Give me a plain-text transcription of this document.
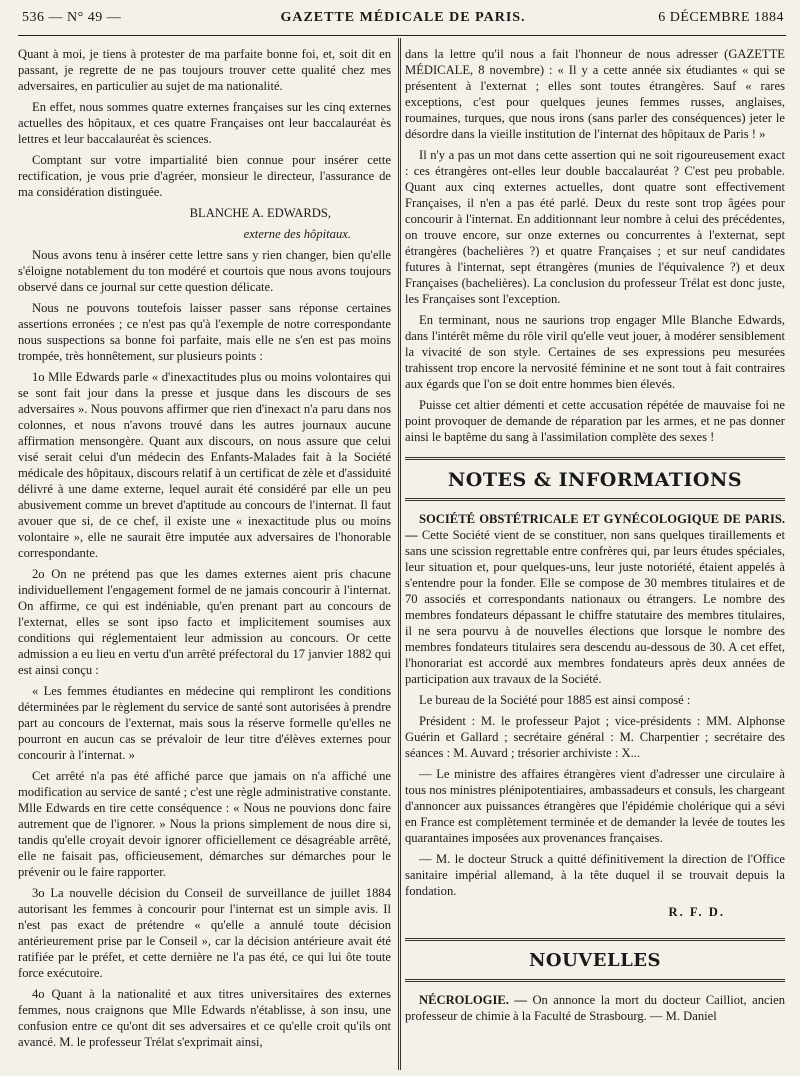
536 — N° 49 —	GAZETTE MÉDICALE DE PARIS.	6 DÉCEMBRE 1884

Quant à moi, je tiens à protester de ma parfaite bonne foi, et, soit dit en passant, je regrette de ne pas toujours trouver cette qualité chez mes adversaires, en particulier au sujet de ma nationalité.

En effet, nous sommes quatre externes françaises sur les cinq externes actuelles des hôpitaux, et ces quatre Françaises ont leur baccalauréat ès lettres et leur baccalauréat ès sciences.

Comptant sur votre impartialité bien connue pour insérer cette rectification, je vous prie d'agréer, monsieur le directeur, l'assurance de ma considération distinguée.

BLANCHE A. EDWARDS,

externe des hôpitaux.

Nous avons tenu à insérer cette lettre sans y rien changer, bien qu'elle s'éloigne notablement du ton modéré et courtois que nous avons toujours observé dans ce journal sur cette question délicate.

Nous ne pouvons toutefois laisser passer sans réponse certaines assertions erronées ; ce n'est pas qu'à l'exemple de notre correspondante nous suspections sa bonne foi parfaite, mais elle ne s'en est pas moins trompée, très honnêtement, sur plusieurs points :

1o Mlle Edwards parle « d'inexactitudes plus ou moins volontaires qui se sont fait jour dans la presse et jusque dans les discours de ses adversaires ». Nous pouvons affirmer que rien d'inexact n'a paru dans nos colonnes, et nous n'avons trouvé dans les autres journaux aucune affirmation mensongère. Quant aux discours, on nous assure que celui visé serait celui d'un médecin des Enfants-Malades fait à la Société médicale des hôpitaux, discours relatif à un certificat de zèle et d'assiduité délivré à une dame externe, lequel aurait été considéré par elle un peu abusivement comme un brevet d'aptitude au concours de l'internat. Il faut avouer que si, de ce chef, il existe une « inexactitude plus ou moins volontaire », elle ne saurait être imputée aux adversaires de l'honorable correspondante.

2o On ne prétend pas que les dames externes aient pris chacune individuellement l'engagement formel de ne jamais concourir à l'internat. On affirme, ce qui est indéniable, qu'en prenant part au concours de l'externat, elles se sont ipso facto et implicitement soumises aux conditions qui réglementaient leur admission au concours. Or cette admission a eu lieu en vertu d'un arrêté préfectoral du 17 janvier 1882 qui est ainsi conçu :

« Les femmes étudiantes en médecine qui rempliront les conditions déterminées par le règlement du service de santé sont autorisées à prendre part au concours de l'externat, mais sous la réserve formelle qu'elles ne pourront en aucun cas se prévaloir de leur titre d'élèves externes pour concourir à l'internat. »

Cet arrêté n'a pas été affiché parce que jamais on n'a affiché une modification au service de santé ; c'est une règle administrative constante. Mlle Edwards en tire cette conséquence : « Nous ne pouvions donc faire autrement que de l'ignorer. » Nous la prions simplement de nous dire si, tandis qu'elle croyait devoir ignorer officiellement ce désagréable arrêté, elle ne faisait pas, officieusement, démarches sur démarches pour le prévenir ou le faire rapporter.

3o La nouvelle décision du Conseil de surveillance de juillet 1884 autorisant les femmes à concourir pour l'internat est un simple avis. Il n'est pas exact de prétendre « qu'elle a annulé toute décision antérieurement prise par le Conseil », car la décision antérieure avait été ratifiée par le préfet, et cette dernière ne l'a pas été, ce qui lui ôte toute force exécutoire.

4o Quant à la nationalité et aux titres universitaires des externes femmes, nous craignons que Mlle Edwards n'établisse, à son insu, une confusion entre ce qu'ont dit ses adversaires et ce qu'elle croit qu'ils ont avancé. M. le professeur Trélat s'exprimait ainsi,

dans la lettre qu'il nous a fait l'honneur de nous adresser (GAZETTE MÉDICALE, 8 novembre) : « Il y a cette année six étudiantes « qui se présentent à l'externat ; elles sont toutes étrangères. Sauf « rares exceptions, c'est pour quelques jeunes femmes russes, anglaises, roumaines, turques, que nous irons (sans parler des conséquences) jeter le désordre dans la vieille institution de l'internat des hôpitaux de Paris ! »

Il n'y a pas un mot dans cette assertion qui ne soit rigoureusement exact : ces étrangères ont-elles leur double baccalauréat ? C'est peu probable. Quant aux cinq externes actuelles, dont quatre sont effectivement Françaises, il n'en a pas été parlé. Deux du reste sont trop âgées pour concourir à l'internat. En additionnant leur nombre à celui des précédentes, on trouve encore, sur onze externes ou concurrentes à l'externat, sept étrangères (bachelières ?) et quatre Françaises ; et sur neuf candidates futures à l'internat, sept étrangères (munies de l'équivalence ?) et deux Françaises (bachelières). La conclusion du professeur Trélat est donc juste, les Françaises sont l'exception.

En terminant, nous ne saurions trop engager Mlle Blanche Edwards, dans l'intérêt même du rôle viril qu'elle veut jouer, à modérer sensiblement la vivacité de son style. Certaines de ses expressions peu mesurées trahissent trop encore la nervosité féminine et ne sont tout à fait contraires aux égards que l'on se doit entre hommes bien élevés.

Puisse cet altier démenti et cette accusation répétée de mauvaise foi ne point provoquer de demande de réparation par les armes, et ne pas donner ainsi le baptême du sang à l'assimilation complète des sexes !

NOTES & INFORMATIONS

SOCIÉTÉ OBSTÉTRICALE ET GYNÉCOLOGIQUE DE PARIS. — Cette Société vient de se constituer, non sans quelques tiraillements et sans une scission regrettable entre confrères qui, par leurs études spéciales, leur situation et, pour quelques-uns, leur juste notoriété, étaient appelés à s'entendre pour la fonder. Elle se compose de 30 membres titulaires et de 70 associés et correspondants nationaux ou étrangers. Le nombre des membres fondateurs dépassant le chiffre statutaire des membres titulaires, il ne sera pourvu à de nouvelles élections que lorsque le nombre des membres fondateurs titulaires sera descendu au-dessous de 30. A cet effet, l'honorariat est accordé aux membres fondateurs après deux années de participation aux travaux de la Société.

Le bureau de la Société pour 1885 est ainsi composé :

Président : M. le professeur Pajot ; vice-présidents : MM. Alphonse Guérin et Gallard ; secrétaire général : M. Charpentier ; secrétaire des séances : M. Auvard ; trésorier archiviste : X...

— Le ministre des affaires étrangères vient d'adresser une circulaire à tous nos ministres plénipotentiaires, ambassadeurs et consuls, les chargeant d'annoncer aux puissances étrangères que l'épidémie cholérique qui a sévi en France est complètement terminée et de demander la levée de toutes les quarantaines imposées aux provenances françaises.

— M. le docteur Struck a quitté définitivement la direction de l'Office sanitaire impérial allemand, à la tête duquel il se trouvait depuis la fondation.

R. F. D.

NOUVELLES

NÉCROLOGIE. — On annonce la mort du docteur Cailliot, ancien professeur de chimie à la Faculté de Strasbourg. — M. Daniel
